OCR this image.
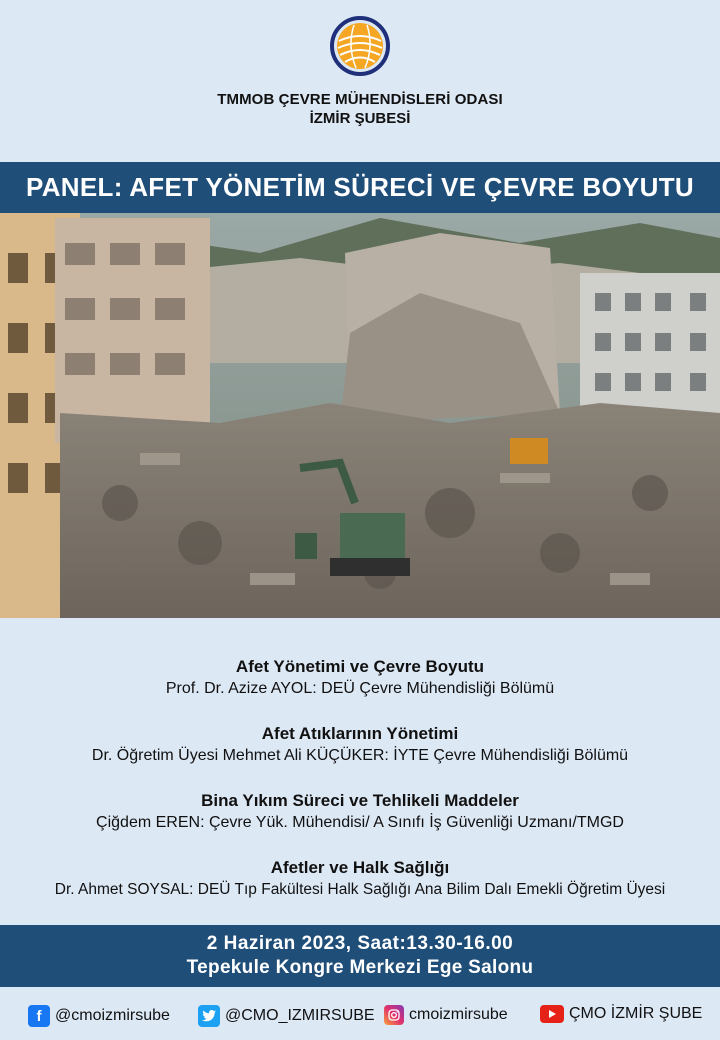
TMMOB ÇEVRE MÜHENDİSLERİ ODASI
İZMİR ŞUBESİ
PANEL: AFET YÖNETİM SÜRECİ VE ÇEVRE BOYUTU
Afet Yönetimi ve Çevre Boyutu
Prof. Dr. Azize AYOL: DEÜ Çevre Mühendisliği Bölümü
Afet Atıklarının Yönetimi
Dr. Öğretim Üyesi Mehmet Ali KÜÇÜKER: İYTE Çevre Mühendisliği Bölümü
Bina Yıkım Süreci ve Tehlikeli Maddeler
Çiğdem EREN: Çevre Yük. Mühendisi/ A Sınıfı İş Güvenliği Uzmanı/TMGD
Afetler ve Halk Sağlığı
Dr. Ahmet SOYSAL: DEÜ Tıp Fakültesi Halk Sağlığı Ana Bilim Dalı Emekli Öğretim Üyesi
2 Haziran 2023, Saat:13.30-16.00
Tepekule Kongre Merkezi Ege Salonu
f @cmoizmirsube	@CMO_IZMIRSUBE cmoizmirsube	ÇMO İZMİR ŞUBE
